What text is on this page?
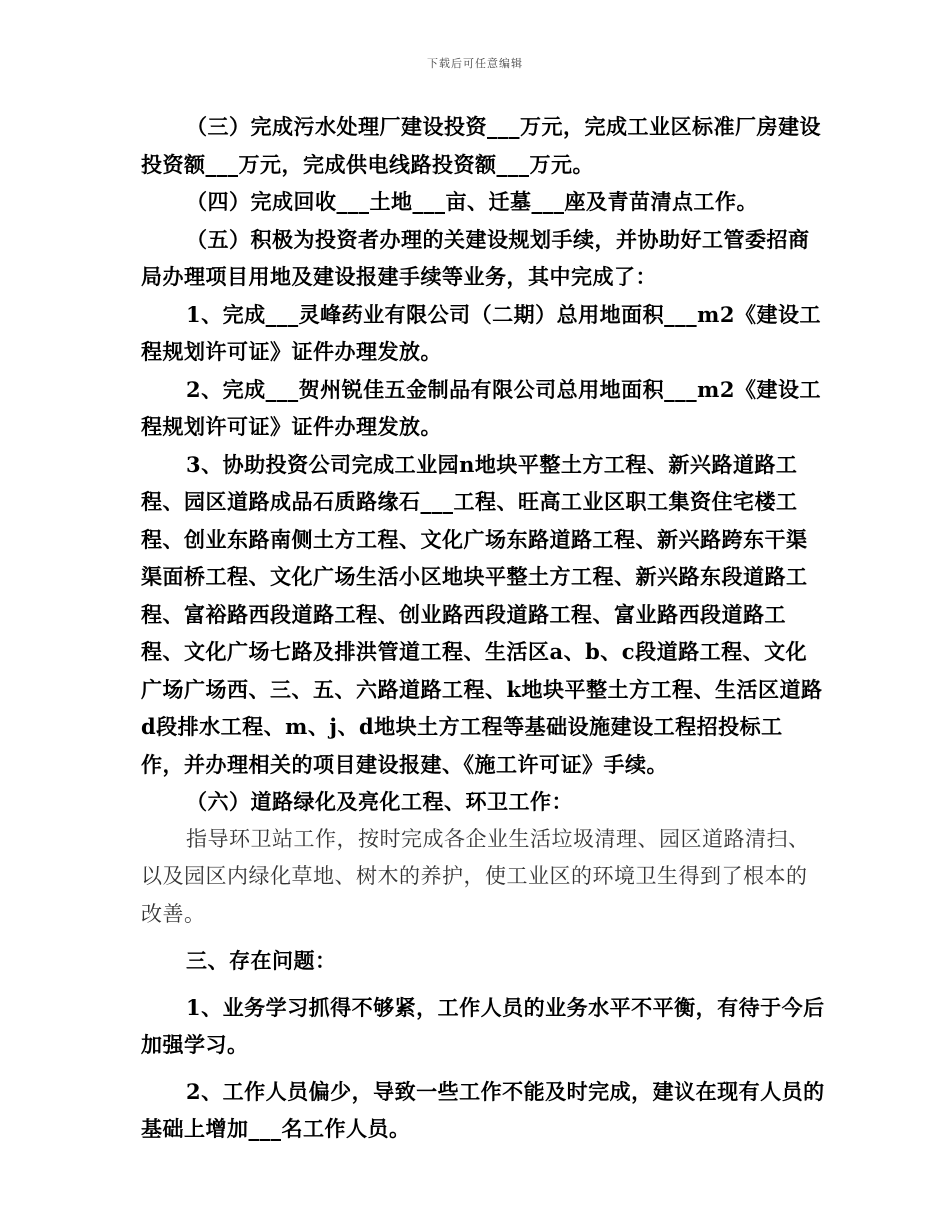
下载后可任意编辑

（三）完成污水处理厂建设投资___万元，完成工业区标准厂房建设投资额___万元，完成供电线路投资额___万元。

（四）完成回收___土地___亩、迁墓___座及青苗清点工作。

（五）积极为投资者办理的关建设规划手续，并协助好工管委招商局办理项目用地及建设报建手续等业务，其中完成了：

1、完成___灵峰药业有限公司（二期）总用地面积___m2《建设工程规划许可证》证件办理发放。

2、完成___贺州锐佳五金制品有限公司总用地面积___m2《建设工程规划许可证》证件办理发放。

3、协助投资公司完成工业园n地块平整土方工程、新兴路道路工程、园区道路成品石质路缘石___工程、旺高工业区职工集资住宅楼工程、创业东路南侧土方工程、文化广场东路道路工程、新兴路跨东干渠渠面桥工程、文化广场生活小区地块平整土方工程、新兴路东段道路工程、富裕路西段道路工程、创业路西段道路工程、富业路西段道路工程、文化广场七路及排洪管道工程、生活区a、b、c段道路工程、文化广场广场西、三、五、六路道路工程、k地块平整土方工程、生活区道路d段排水工程、m、j、d地块土方工程等基础设施建设工程招投标工作，并办理相关的项目建设报建、《施工许可证》手续。

（六）道路绿化及亮化工程、环卫工作：

指导环卫站工作，按时完成各企业生活垃圾清理、园区道路清扫、以及园区内绿化草地、树木的养护，使工业区的环境卫生得到了根本的改善。

三、存在问题：

1、业务学习抓得不够紧，工作人员的业务水平不平衡，有待于今后加强学习。

2、工作人员偏少，导致一些工作不能及时完成，建议在现有人员的基础上增加___名工作人员。
